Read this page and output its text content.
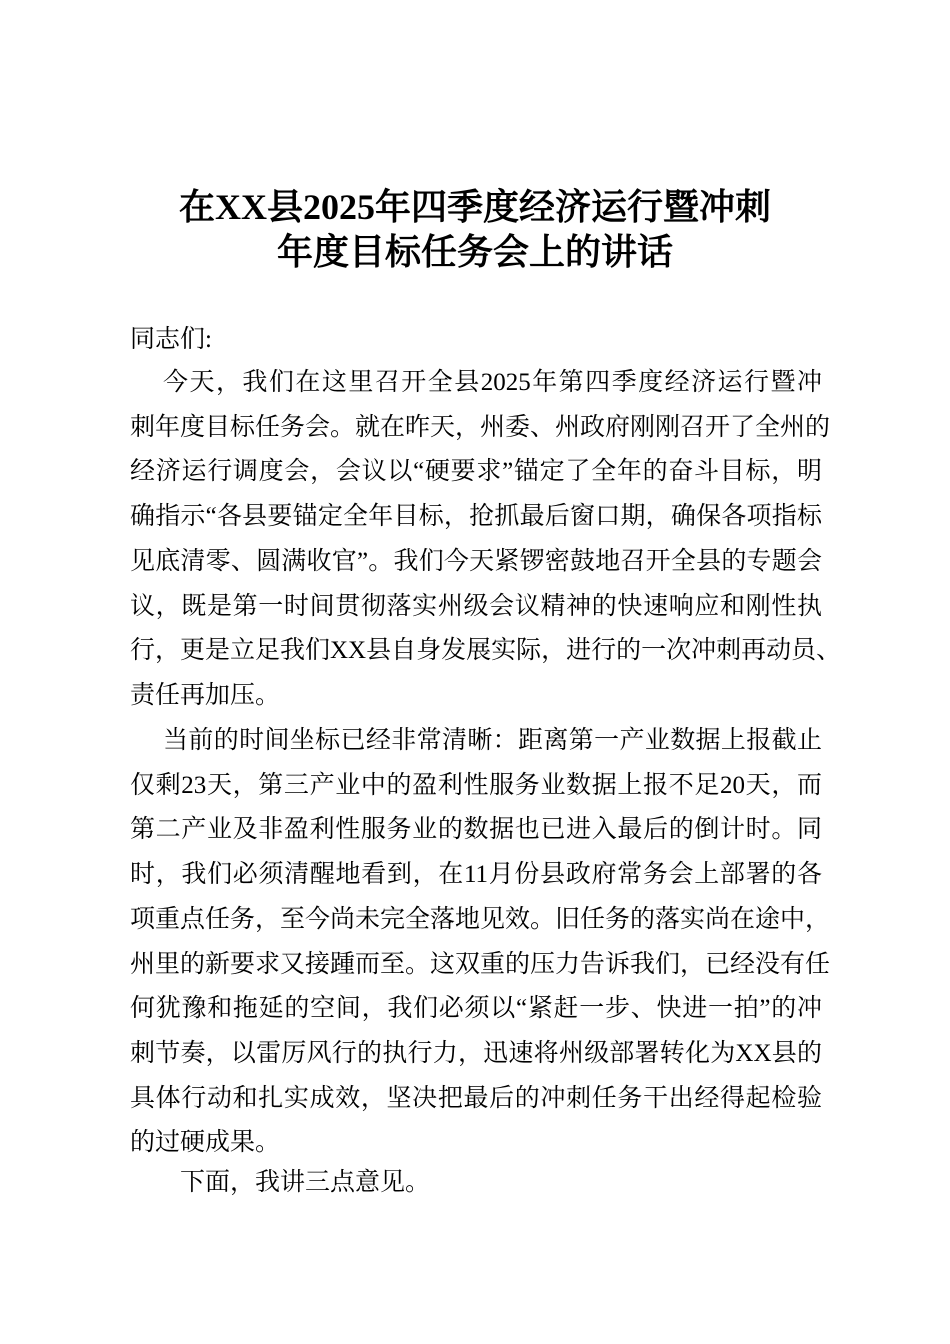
在XX县2025年四季度经济运行暨冲刺
年度目标任务会上的讲话
同志们:
今天，我们在这里召开全县2025年第四季度经济运行暨冲
刺年度目标任务会。就在昨天，州委、州政府刚刚召开了全州的
经济运行调度会，会议以“硬要求”锚定了全年的奋斗目标，明
确指示“各县要锚定全年目标，抢抓最后窗口期，确保各项指标
见底清零、圆满收官”。我们今天紧锣密鼓地召开全县的专题会
议，既是第一时间贯彻落实州级会议精神的快速响应和刚性执
行，更是立足我们XX县自身发展实际，进行的一次冲刺再动员、
责任再加压。
当前的时间坐标已经非常清晰：距离第一产业数据上报截止
仅剩23天，第三产业中的盈利性服务业数据上报不足20天，而
第二产业及非盈利性服务业的数据也已进入最后的倒计时。同
时，我们必须清醒地看到，在11月份县政府常务会上部署的各
项重点任务，至今尚未完全落地见效。旧任务的落实尚在途中，
州里的新要求又接踵而至。这双重的压力告诉我们，已经没有任
何犹豫和拖延的空间，我们必须以“紧赶一步、快进一拍”的冲
刺节奏，以雷厉风行的执行力，迅速将州级部署转化为XX县的
具体行动和扎实成效，坚决把最后的冲刺任务干出经得起检验
的过硬成果。
下面，我讲三点意见。
